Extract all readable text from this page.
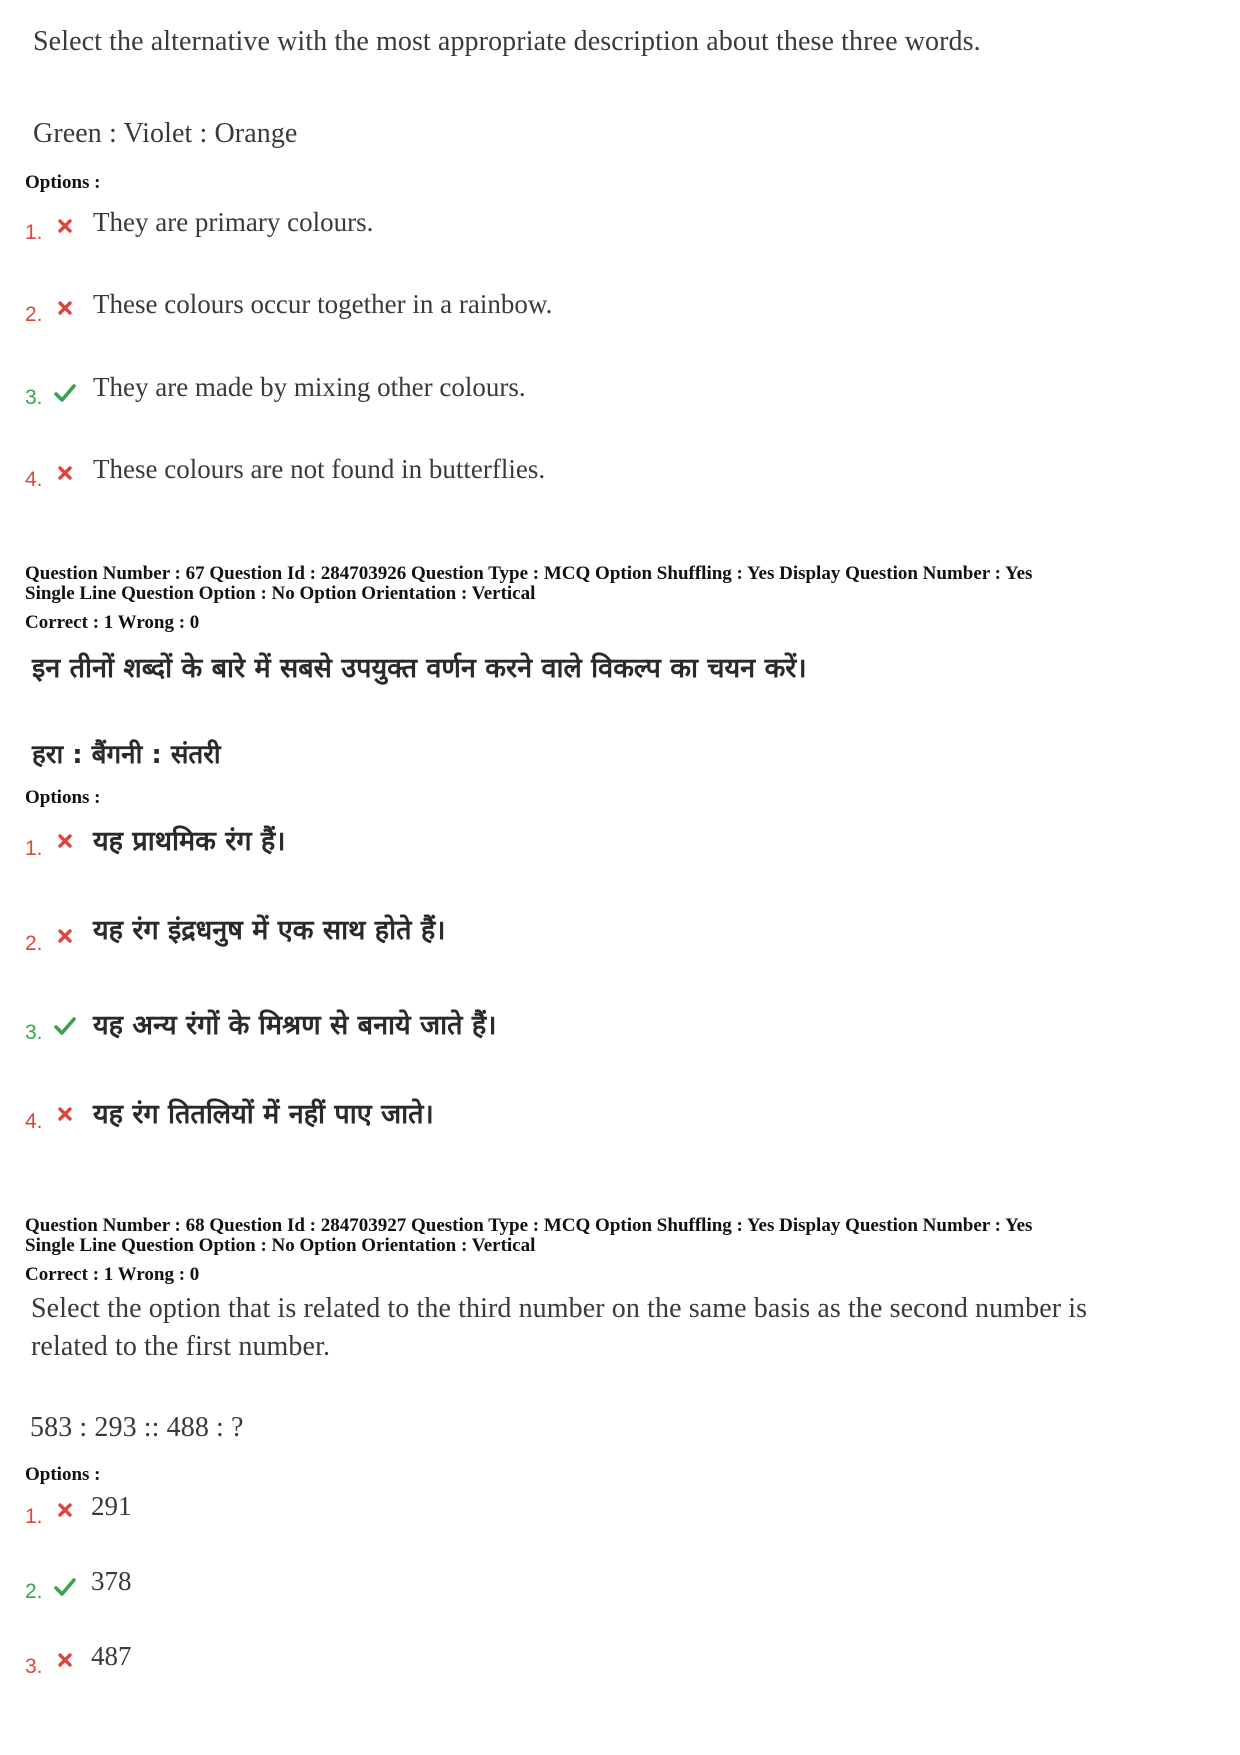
Select the alternative with the most appropriate description about these three words.
Green : Violet : Orange
Options :
1. They are primary colours.
2. These colours occur together in a rainbow.
3. They are made by mixing other colours.
4. These colours are not found in butterflies.
Question Number : 67 Question Id : 284703926 Question Type : MCQ Option Shuffling : Yes Display Question Number : Yes
Single Line Question Option : No Option Orientation : Vertical
Correct : 1 Wrong : 0
इन तीनों शब्दों के बारे में सबसे उपयुक्त वर्णन करने वाले विकल्प का चयन करें।
हरा : बैंगनी : संतरी
Options :
1. यह प्राथमिक रंग हैं।
2. यह रंग इंद्रधनुष में एक साथ होते हैं।
3. यह अन्य रंगों के मिश्रण से बनाये जाते हैं।
4. यह रंग तितलियों में नहीं पाए जाते।
Question Number : 68 Question Id : 284703927 Question Type : MCQ Option Shuffling : Yes Display Question Number : Yes
Single Line Question Option : No Option Orientation : Vertical
Correct : 1 Wrong : 0
Select the option that is related to the third number on the same basis as the second number is related to the first number.
583 : 293 :: 488 : ?
Options :
1. 291
2. 378
3. 487
